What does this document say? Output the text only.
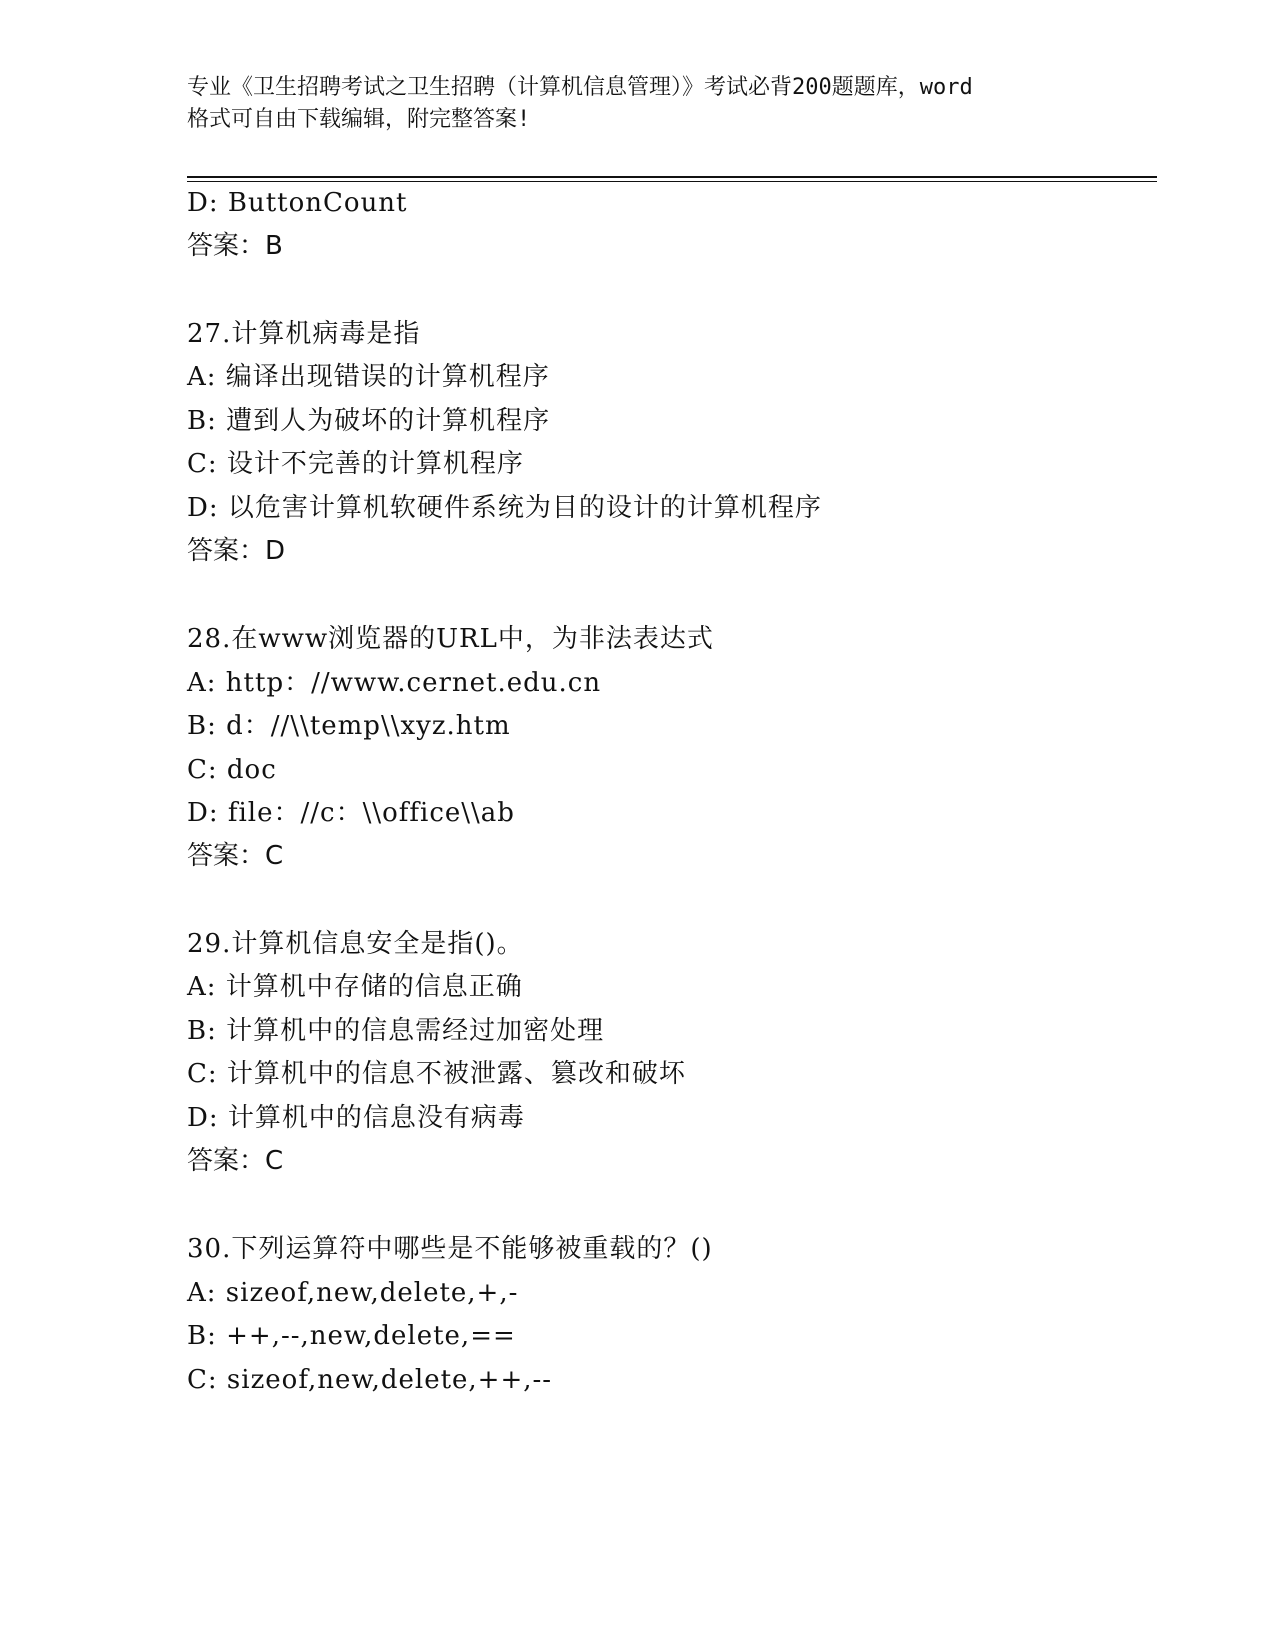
专业《卫生招聘考试之卫生招聘（计算机信息管理）》考试必背200题题库，word
格式可自由下载编辑，附完整答案!
D: ButtonCount
答案：B
27.计算机病毒是指
A: 编译出现错误的计算机程序
B: 遭到人为破坏的计算机程序
C: 设计不完善的计算机程序
D: 以危害计算机软硬件系统为目的设计的计算机程序
答案：D
28.在www浏览器的URL中，为非法表达式
A: http：//www.cernet.edu.cn
B: d：//\\temp\\xyz.htm
C: doc
D: file：//c：\\office\\ab
答案：C
29.计算机信息安全是指()。
A: 计算机中存储的信息正确
B: 计算机中的信息需经过加密处理
C: 计算机中的信息不被泄露、篡改和破坏
D: 计算机中的信息没有病毒
答案：C
30.下列运算符中哪些是不能够被重载的？()
A: sizeof,new,delete,+,-
B: ++,--,new,delete,==
C: sizeof,new,delete,++,--
